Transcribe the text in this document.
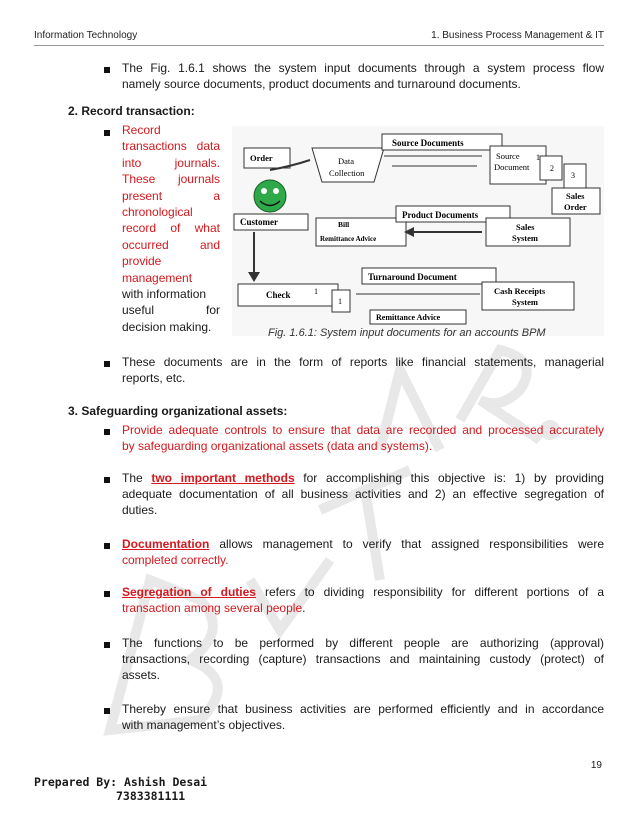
Information Technology	1. Business Process Management & IT
The Fig. 1.6.1 shows the system input documents through a system process flow
namely source documents, product documents and turnaround documents.
2. Record transaction:
Record
transactions data
into journals.
These journals
present a
chronological
record of what
occurred and
provide
management
with information
useful for
decision making.
Order	Data
Collection
Source Documents
Source
Document
1
2
3
Sales
Order
Customer	Bill
Remittance Advice
Product Documents
Sales
System
Turnaround Document
Check	1
1
Cash Receipts
System
Remittance Advice
Fig. 1.6.1: System input documents for an accounts BPM
These documents are in the form of reports like financial statements, managerial
reports, etc.
3. Safeguarding organizational assets:
Provide adequate controls to ensure that data are recorded and processed accurately
by safeguarding organizational assets (data and systems).
The two important methods for accomplishing this objective is: 1) by providing
adequate documentation of all business activities and 2) an effective segregation of
duties.
Documentation allows management to verify that assigned responsibilities were
completed correctly.
Segregation of duties refers to dividing responsibility for different portions of a
transaction among several people.
The functions to be performed by different people are authorizing (approval)
transactions, recording (capture) transactions and maintaining custody (protect) of
assets.
Thereby ensure that business activities are performed efficiently and in accordance
with management’s objectives.
19
Prepared By: Ashish Desai
7383381111
